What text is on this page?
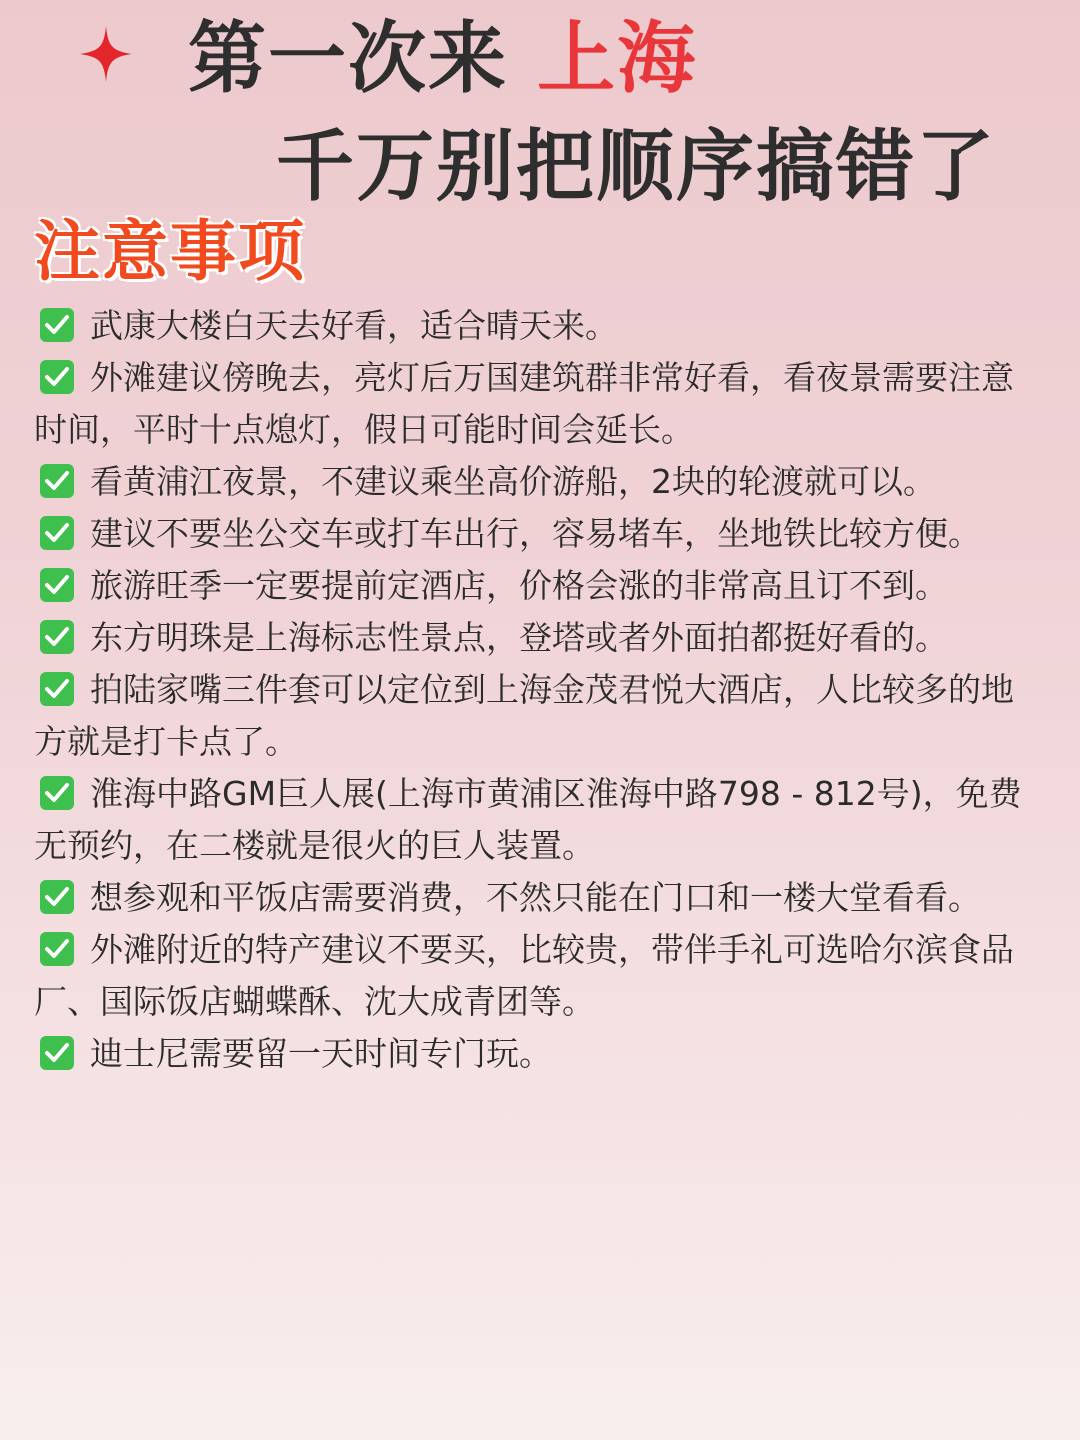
第一次来 上海
千万别把顺序搞错了
注意事项
武康大楼白天去好看，适合晴天来。
外滩建议傍晚去，亮灯后万国建筑群非常好看，看夜景需要注意时间，平时十点熄灯，假日可能时间会延长。
看黄浦江夜景，不建议乘坐高价游船，2块的轮渡就可以。
建议不要坐公交车或打车出行，容易堵车，坐地铁比较方便。
旅游旺季一定要提前定酒店，价格会涨的非常高且订不到。
东方明珠是上海标志性景点，登塔或者外面拍都挺好看的。
拍陆家嘴三件套可以定位到上海金茂君悦大酒店，人比较多的地方就是打卡点了。
淮海中路GM巨人展(上海市黄浦区淮海中路798 - 812号)，免费无预约，在二楼就是很火的巨人装置。
想参观和平饭店需要消费，不然只能在门口和一楼大堂看看。
外滩附近的特产建议不要买，比较贵，带伴手礼可选哈尔滨食品厂、国际饭店蝴蝶酥、沈大成青团等。
迪士尼需要留一天时间专门玩。
